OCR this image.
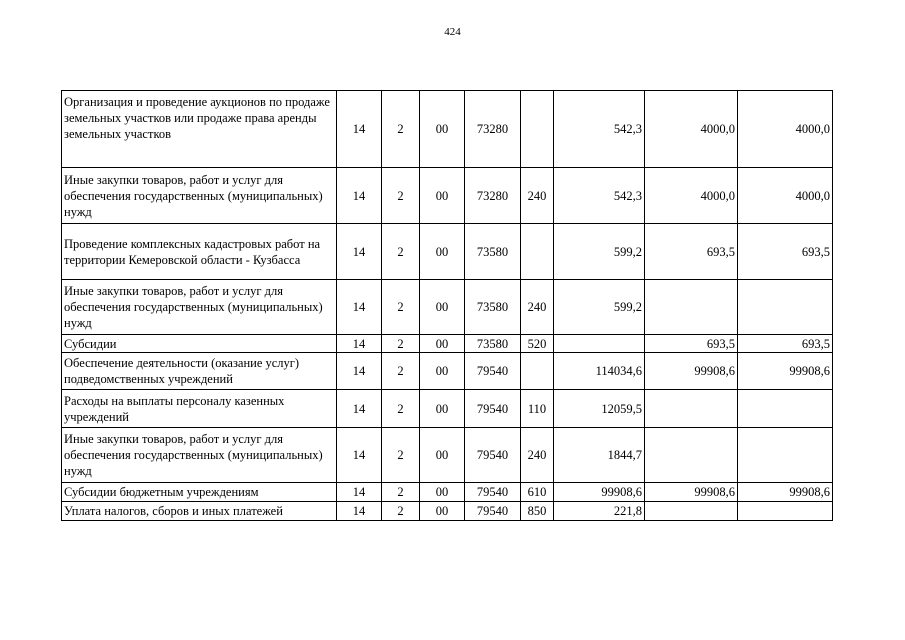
424
Организация и проведение аукционов по продаже земельных участков или продаже права аренды земельных участков	14	2	00	73280		542,3	4000,0	4000,0
Иные закупки товаров, работ и услуг для обеспечения государственных (муниципальных) нужд	14	2	00	73280	240	542,3	4000,0	4000,0
Проведение комплексных кадастровых работ на территории Кемеровской области - Кузбасса	14	2	00	73580		599,2	693,5	693,5
Иные закупки товаров, работ и услуг для обеспечения государственных (муниципальных) нужд	14	2	00	73580	240	599,2		
Субсидии	14	2	00	73580	520		693,5	693,5
Обеспечение деятельности (оказание услуг) подведомственных учреждений	14	2	00	79540		114034,6	99908,6	99908,6
Расходы на выплаты персоналу казенных учреждений	14	2	00	79540	110	12059,5		
Иные закупки товаров, работ и услуг для обеспечения государственных (муниципальных) нужд	14	2	00	79540	240	1844,7		
Субсидии бюджетным учреждениям	14	2	00	79540	610	99908,6	99908,6	99908,6
Уплата налогов, сборов и иных платежей	14	2	00	79540	850	221,8		
